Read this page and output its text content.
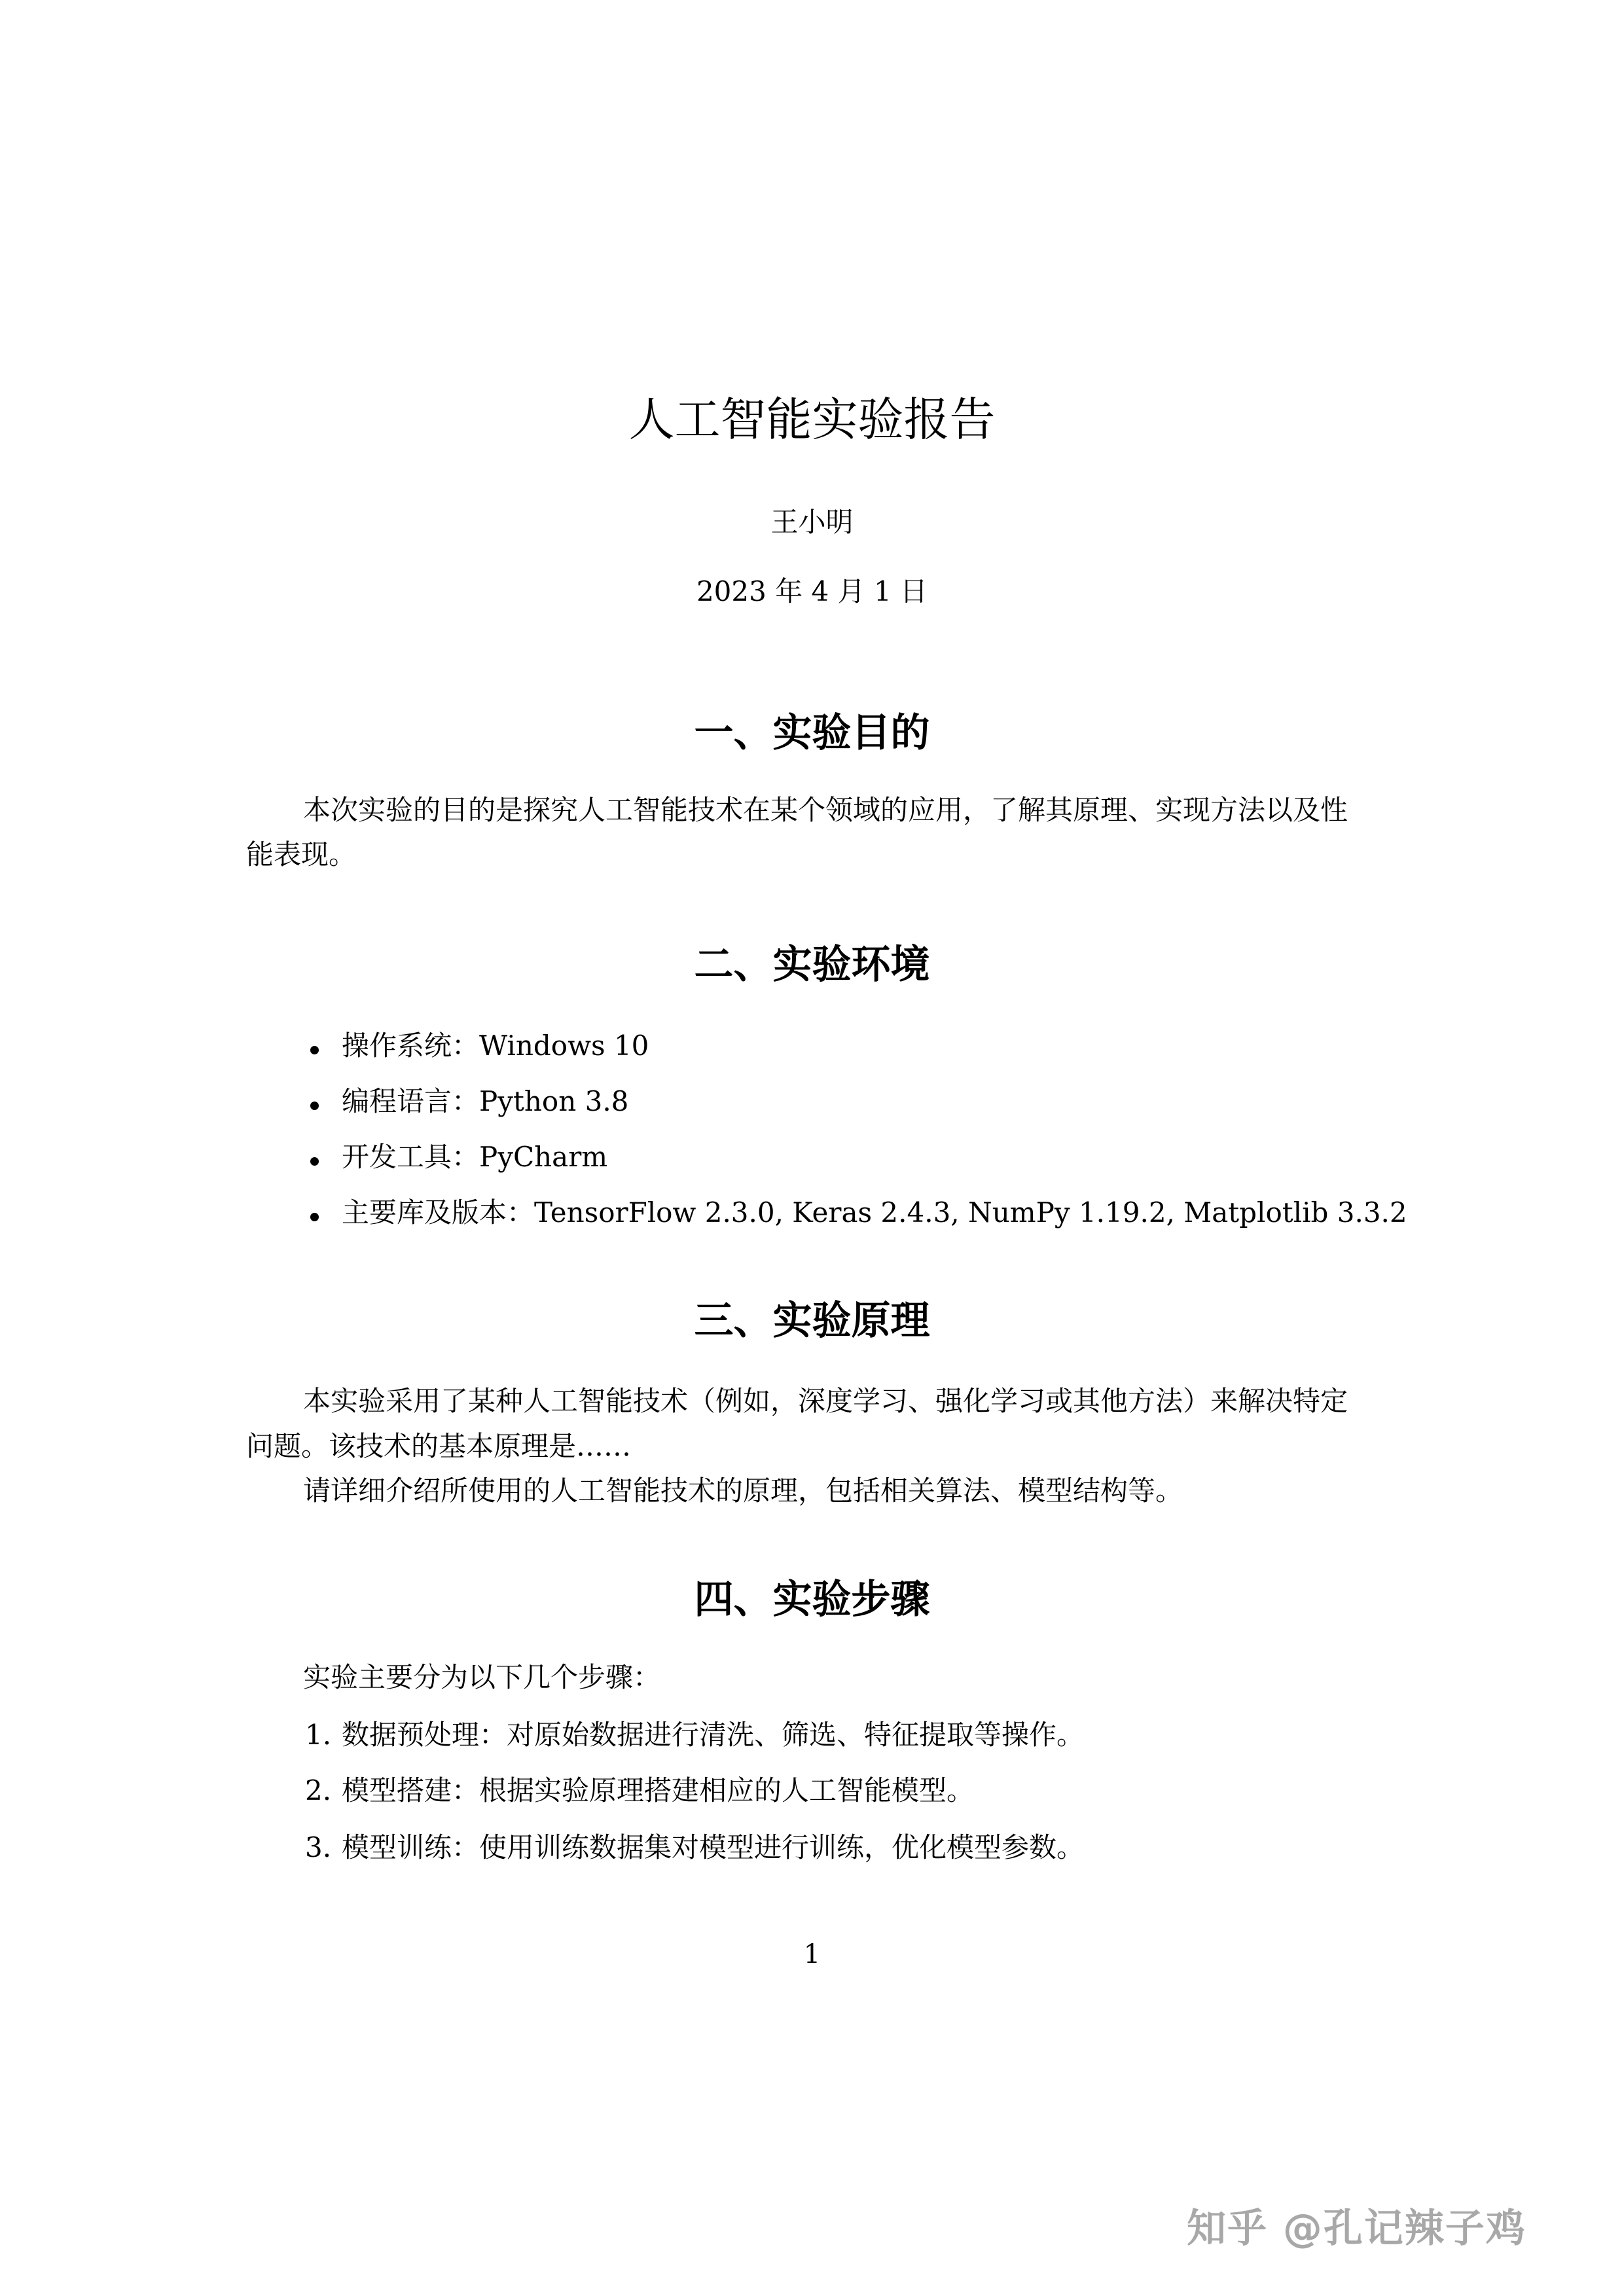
人工智能实验报告
王小明
2023 年 4 月 1 日
一、实验目的
本次实验的目的是探究人工智能技术在某个领域的应用，了解其原理、实现方法以及性
能表现。
二、实验环境
操作系统：Windows 10
编程语言：Python 3.8
开发工具：PyCharm
主要库及版本：TensorFlow 2.3.0, Keras 2.4.3, NumPy 1.19.2, Matplotlib 3.3.2
三、实验原理
本实验采用了某种人工智能技术（例如，深度学习、强化学习或其他方法）来解决特定
问题。该技术的基本原理是……
请详细介绍所使用的人工智能技术的原理，包括相关算法、模型结构等。
四、实验步骤
实验主要分为以下几个步骤：
1. 数据预处理：对原始数据进行清洗、筛选、特征提取等操作。
2. 模型搭建：根据实验原理搭建相应的人工智能模型。
3. 模型训练：使用训练数据集对模型进行训练，优化模型参数。
1
知乎 @孔记辣子鸡
